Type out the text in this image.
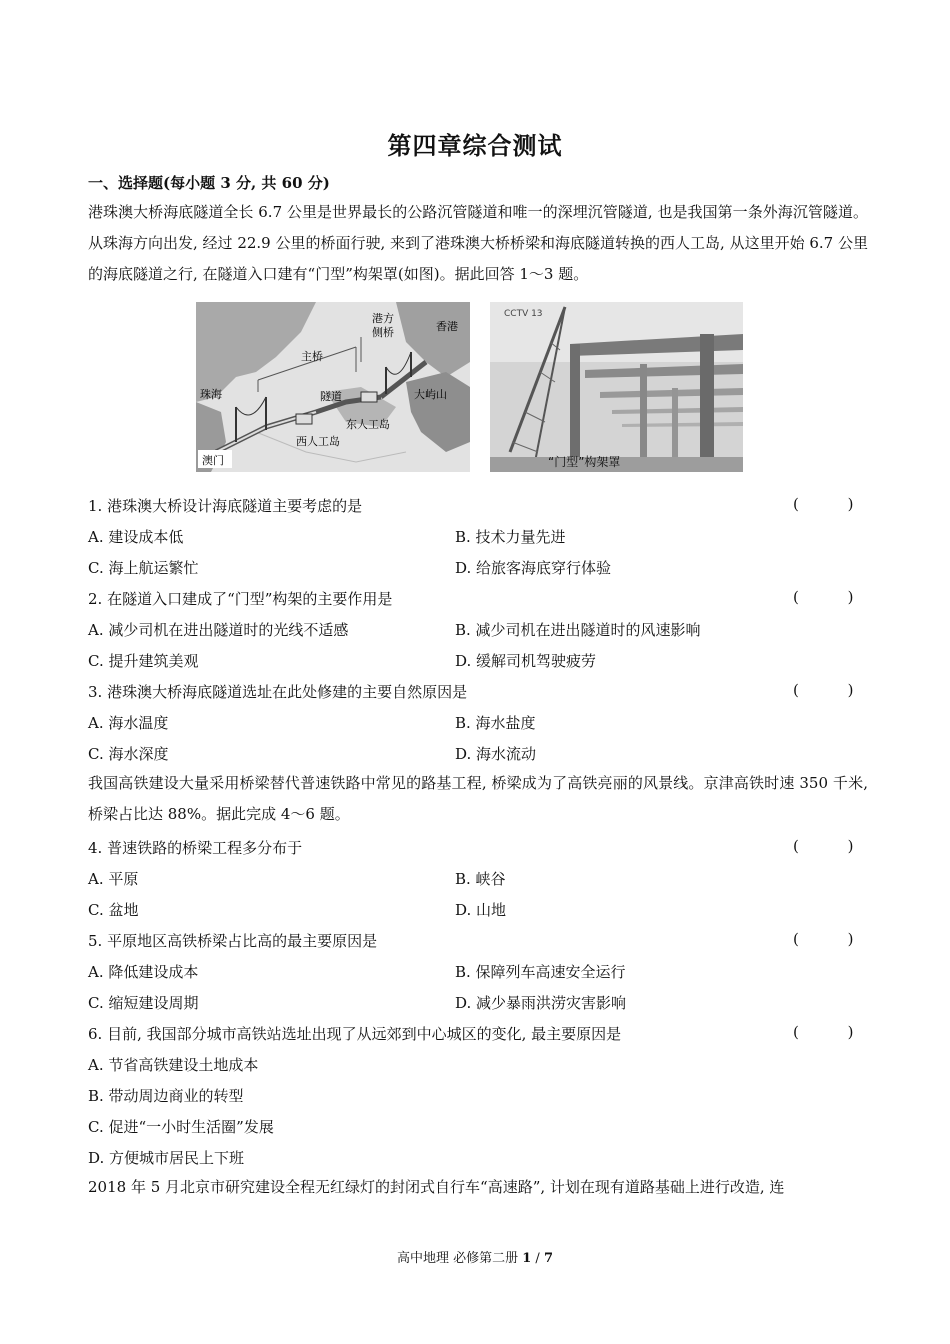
第四章综合测试
一、选择题(每小题 3 分, 共 60 分)
港珠澳大桥海底隧道全长 6.7 公里是世界最长的公路沉管隧道和唯一的深埋沉管隧道, 也是我国第一条外海沉管隧道。从珠海方向出发, 经过 22.9 公里的桥面行驶, 来到了港珠澳大桥桥梁和海底隧道转换的西人工岛, 从这里开始 6.7 公里的海底隧道之行, 在隧道入口建有“门型”构架罩(如图)。据此回答 1～3 题。
主桥
港方
侧桥	香港
珠海	隧道	大屿山
东人工岛
西人工岛
澳门
CCTV 13
“门型”构架罩
1. 港珠澳大桥设计海底隧道主要考虑的是	( )
A. 建设成本低	B. 技术力量先进
C. 海上航运繁忙	D. 给旅客海底穿行体验
2. 在隧道入口建成了“门型”构架的主要作用是	( )
A. 减少司机在进出隧道时的光线不适感	B. 减少司机在进出隧道时的风速影响
C. 提升建筑美观	D. 缓解司机驾驶疲劳
3. 港珠澳大桥海底隧道选址在此处修建的主要自然原因是	( )
A. 海水温度	B. 海水盐度
C. 海水深度	D. 海水流动
我国高铁建设大量采用桥梁替代普速铁路中常见的路基工程, 桥梁成为了高铁亮丽的风景线。京津高铁时速 350 千米, 桥梁占比达 88%。据此完成 4～6 题。
4. 普速铁路的桥梁工程多分布于	( )
A. 平原	B. 峡谷
C. 盆地	D. 山地
5. 平原地区高铁桥梁占比高的最主要原因是	( )
A. 降低建设成本	B. 保障列车高速安全运行
C. 缩短建设周期	D. 减少暴雨洪涝灾害影响
6. 目前, 我国部分城市高铁站选址出现了从远郊到中心城区的变化, 最主要原因是	( )
A. 节省高铁建设土地成本
B. 带动周边商业的转型
C. 促进“一小时生活圈”发展
D. 方便城市居民上下班
2018 年 5 月北京市研究建设全程无红绿灯的封闭式自行车“高速路”, 计划在现有道路基础上进行改造, 连
高中地理 必修第二册 1 / 7
